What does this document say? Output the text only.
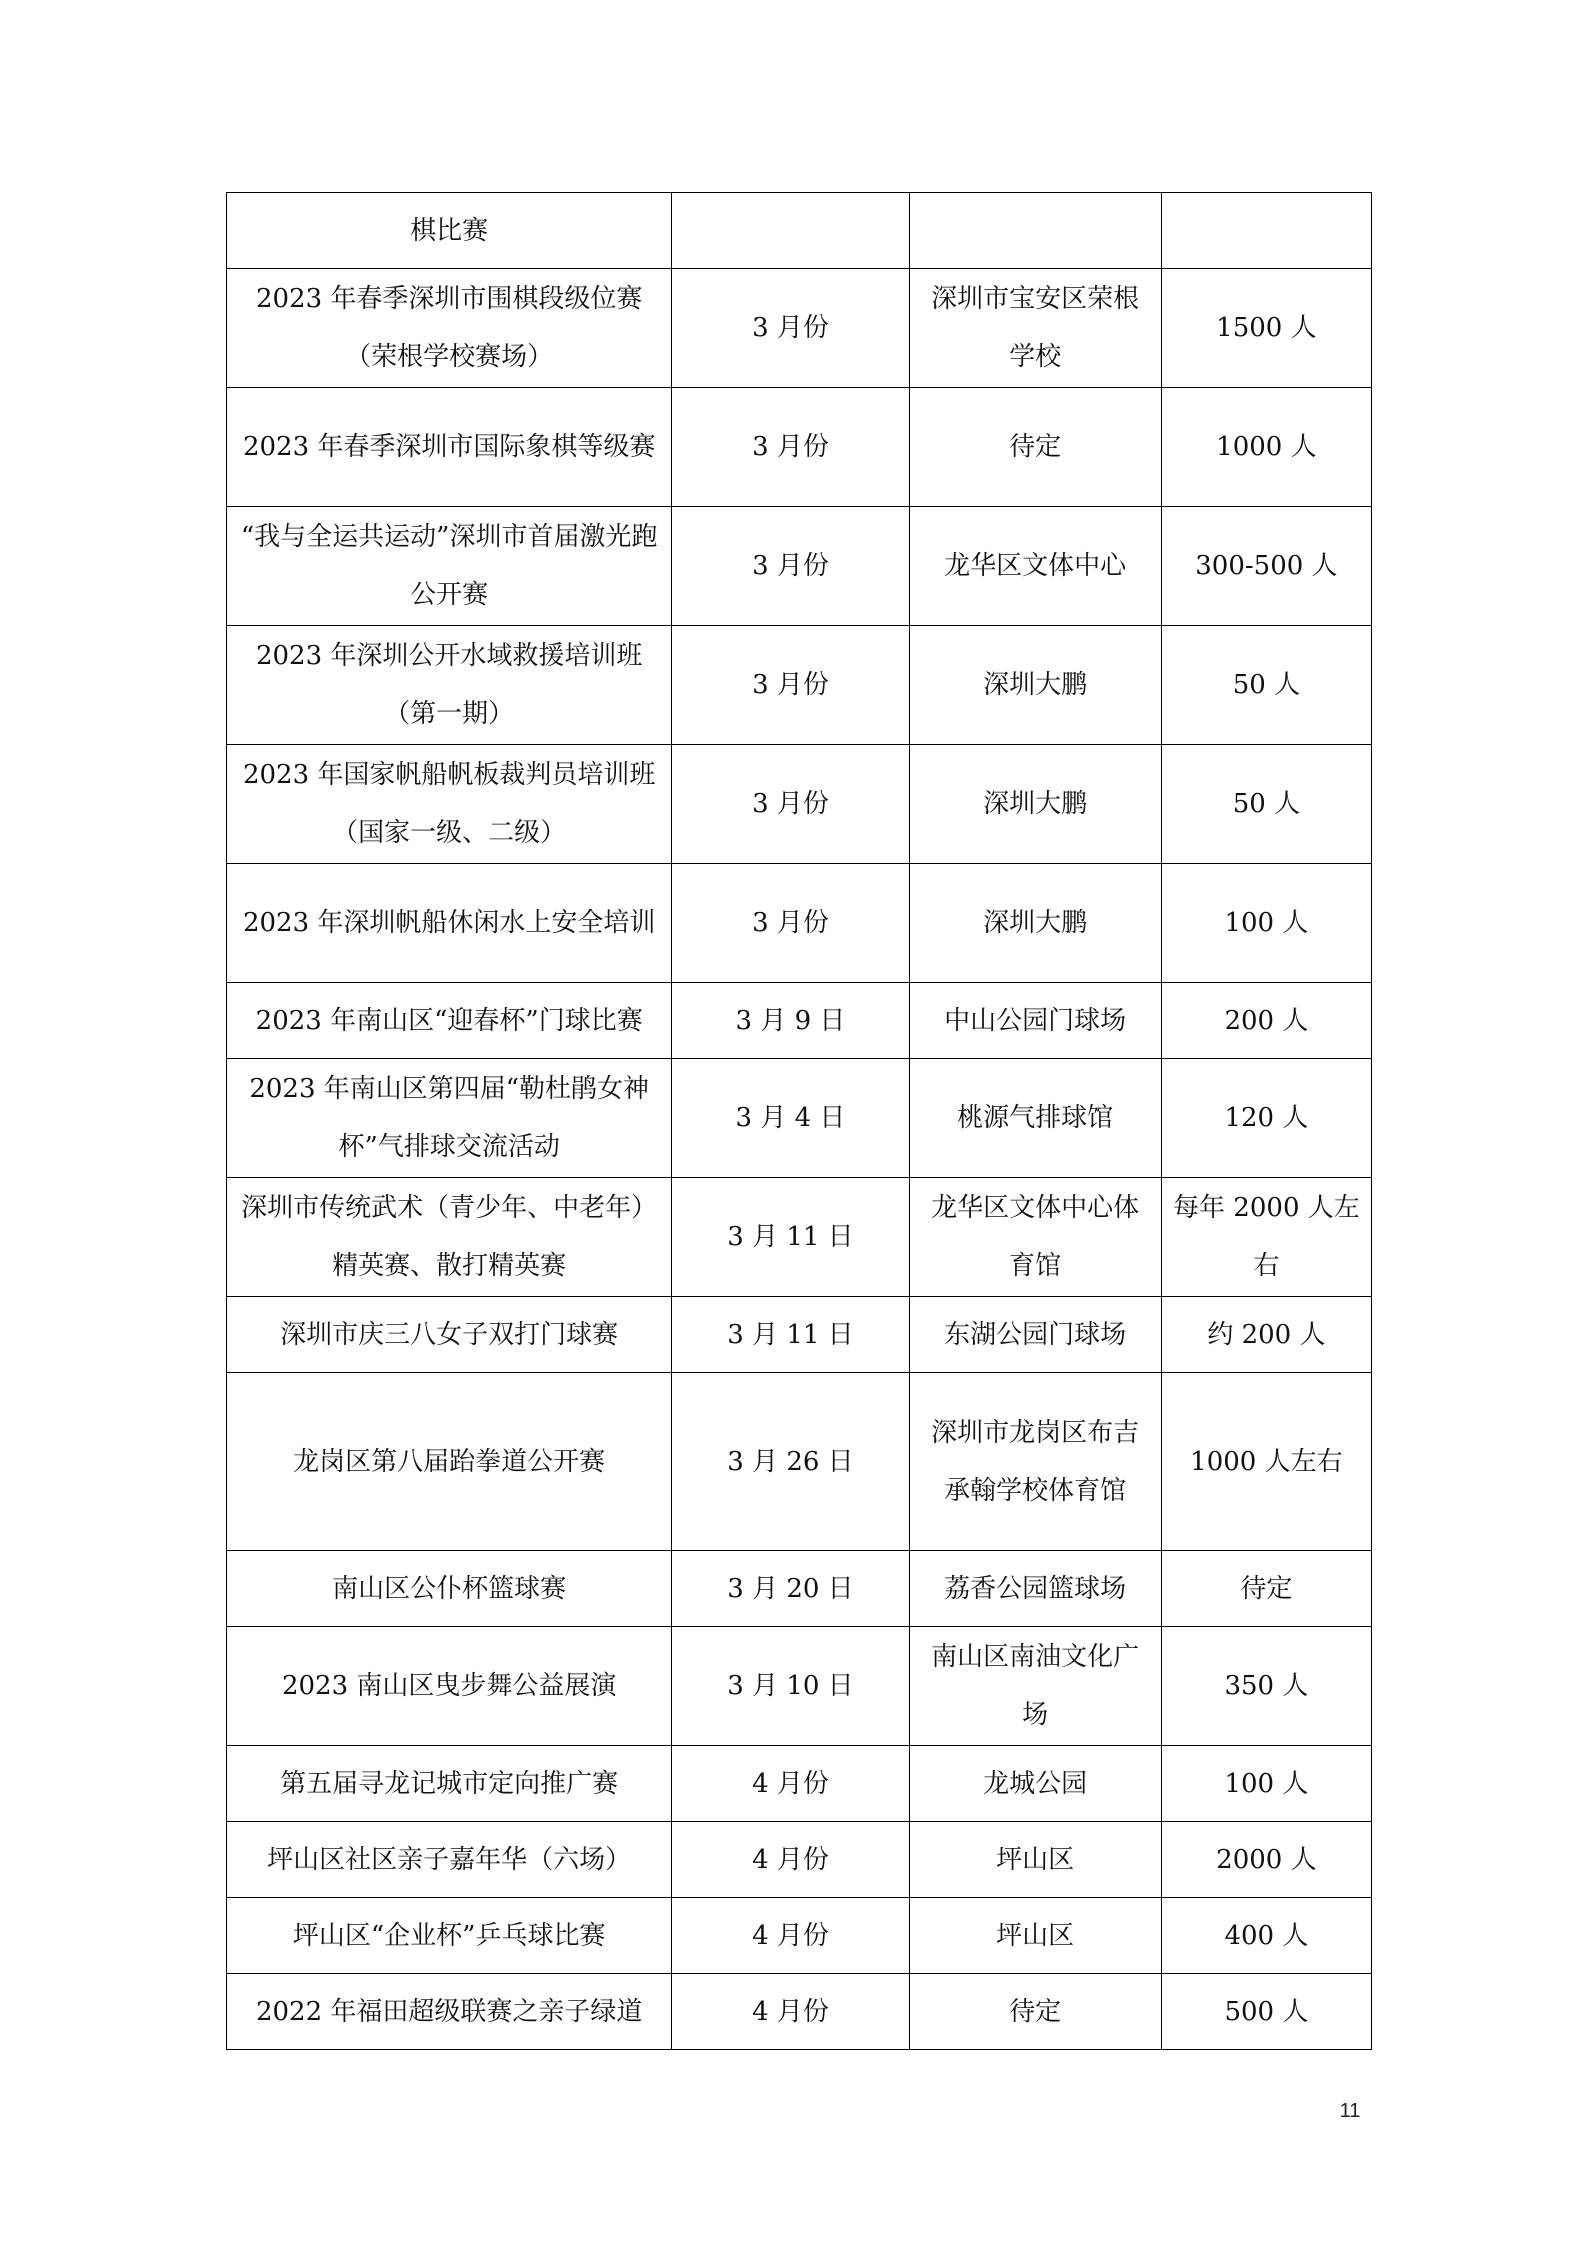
棋比赛			
2023 年春季深圳市围棋段级位赛（荣根学校赛场）	3 月份	深圳市宝安区荣根学校	1500 人
2023 年春季深圳市国际象棋等级赛	3 月份	待定	1000 人
“我与全运共运动”深圳市首届激光跑公开赛	3 月份	龙华区文体中心	300-500 人
2023 年深圳公开水域救援培训班（第一期）	3 月份	深圳大鹏	50 人
2023 年国家帆船帆板裁判员培训班（国家一级、二级）	3 月份	深圳大鹏	50 人
2023 年深圳帆船休闲水上安全培训	3 月份	深圳大鹏	100 人
2023 年南山区“迎春杯”门球比赛	3 月 9 日	中山公园门球场	200 人
2023 年南山区第四届“勒杜鹃女神杯”气排球交流活动	3 月 4 日	桃源气排球馆	120 人
深圳市传统武术（青少年、中老年）精英赛、散打精英赛	3 月 11 日	龙华区文体中心体育馆	每年 2000 人左右
深圳市庆三八女子双打门球赛	3 月 11 日	东湖公园门球场	约 200 人
龙岗区第八届跆拳道公开赛	3 月 26 日	深圳市龙岗区布吉承翰学校体育馆	1000 人左右
南山区公仆杯篮球赛	3 月 20 日	荔香公园篮球场	待定
2023 南山区曳步舞公益展演	3 月 10 日	南山区南油文化广场	350 人
第五届寻龙记城市定向推广赛	4 月份	龙城公园	100 人
坪山区社区亲子嘉年华（六场）	4 月份	坪山区	2000 人
坪山区“企业杯”乒乓球比赛	4 月份	坪山区	400 人
2022 年福田超级联赛之亲子绿道	4 月份	待定	500 人
11
